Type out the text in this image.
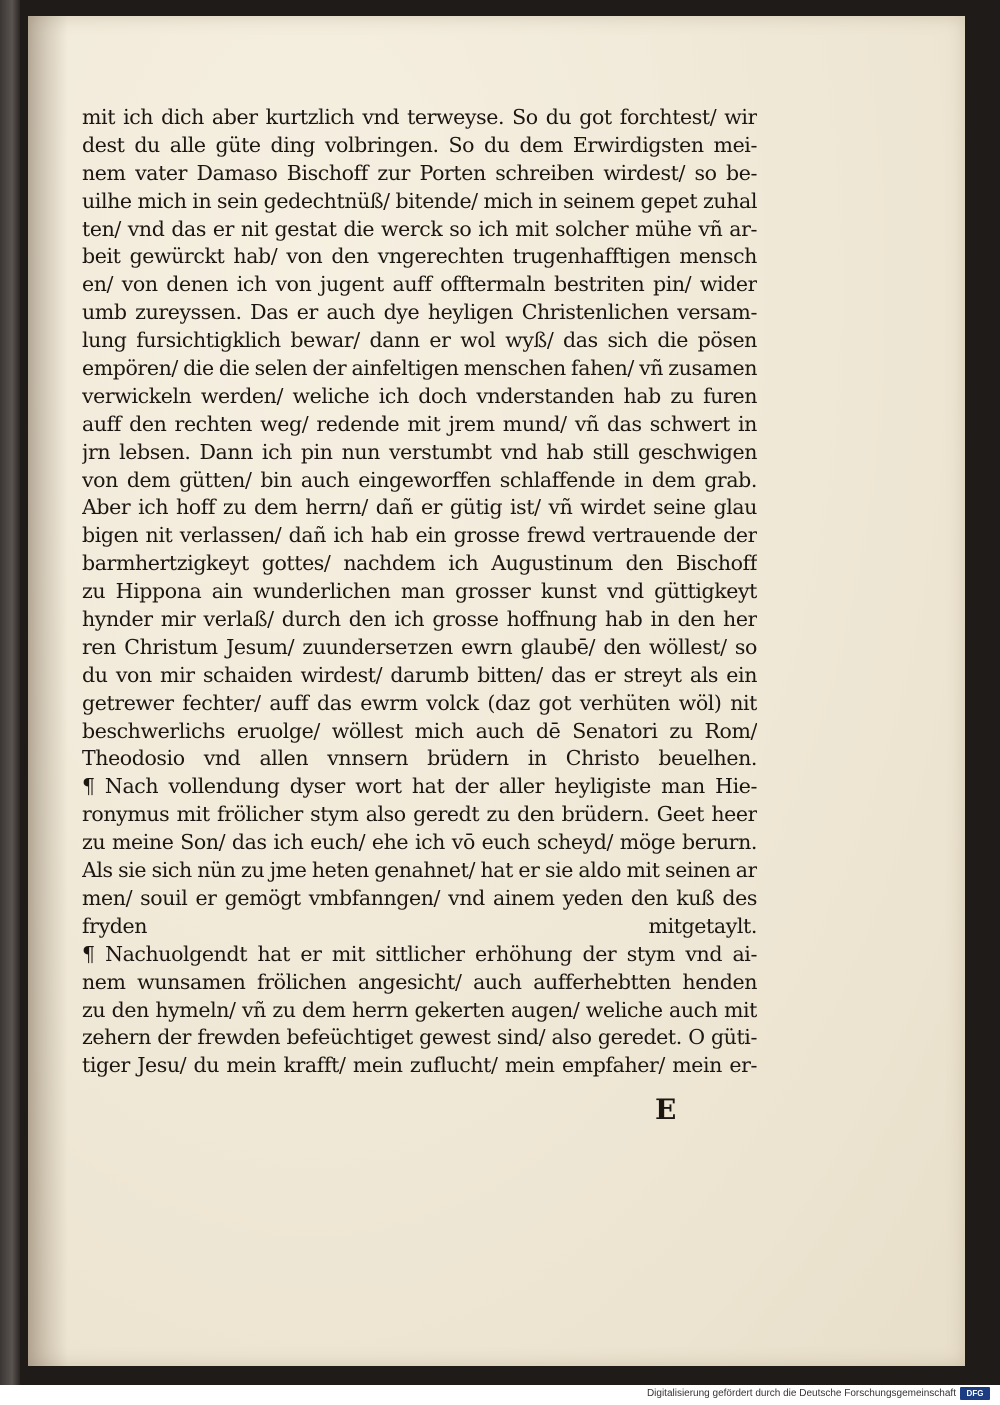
mit ich dich aber kurtzlich vnd terweyse. So du got forchtest/ wir
dest du alle güte ding volbringen. So du dem Erwirdigsten mei-
nem vater Damaso Bischoff zur Porten schreiben wirdest/ so be-
uilhe mich in sein gedechtnüß/ bitende/ mich in seinem gepet zuhal
ten/ vnd das er nit gestat die werck so ich mit solcher mühe vñ ar-
beit gewürckt hab/ von den vngerechten trugenhafftigen mensch
en/ von denen ich von jugent auff offtermaln bestriten pin/ wider
umb zureyssen. Das er auch dye heyligen Christenlichen versam-
lung fursichtigklich bewar/ dann er wol wyß/ das sich die pösen
empören/ die die selen der ainfeltigen menschen fahen/ vñ zusamen
verwickeln werden/ weliche ich doch vnderstanden hab zu furen
auff den rechten weg/ redende mit jrem mund/ vñ das schwert in
jrn lebsen. Dann ich pin nun verstumbt vnd hab still geschwigen
von dem gütten/ bin auch eingeworffen schlaffende in dem grab.
Aber ich hoff zu dem herrn/ dañ er gütig ist/ vñ wirdet seine glau
bigen nit verlassen/ dañ ich hab ein grosse frewd vertrauende der
barmhertzigkeyt gottes/ nachdem ich Augustinum den Bischoff
zu Hippona ain wunderlichen man grosser kunst vnd güttigkeyt
hynder mir verlaß/ durch den ich grosse hoffnung hab in den her
ren Christum Jesum/ zuunderseтzen ewrn glaubē/ den wöllest/ so
du von mir schaiden wirdest/ darumb bitten/ das er streyt als ein
getrewer fechter/ auff das ewrm volck (daz got verhüten wöl) nit
beschwerlichs eruolge/ wöllest mich auch dē Senatori zu Rom/
Theodosio vnd allen vnnsern brüdern in Christo beuelhen.
¶ Nach vollendung dyser wort hat der aller heyligiste man Hie-
ronymus mit frölicher stym also geredt zu den brüdern. Geet heer
zu meine Son/ das ich euch/ ehe ich vō euch scheyd/ möge berurn.
Als sie sich nün zu jme heten genahnet/ hat er sie aldo mit seinen ar
men/ souil er gemögt vmbfanngen/ vnd ainem yeden den kuß des
fryden mitgetaylt.
¶ Nachuolgendt hat er mit sittlicher erhöhung der stym vnd ai-
nem wunsamen frölichen angesicht/ auch aufferhebtten henden
zu den hymeln/ vñ zu dem herrn gekerten augen/ weliche auch mit
zehern der frewden befeüchtiget gewest sind/ also geredet. O güti-
tiger Jesu/ du mein krafft/ mein zuflucht/ mein empfaher/ mein er-
E
Digitalisierung gefördert durch die Deutsche Forschungsgemeinschaft	DFG
